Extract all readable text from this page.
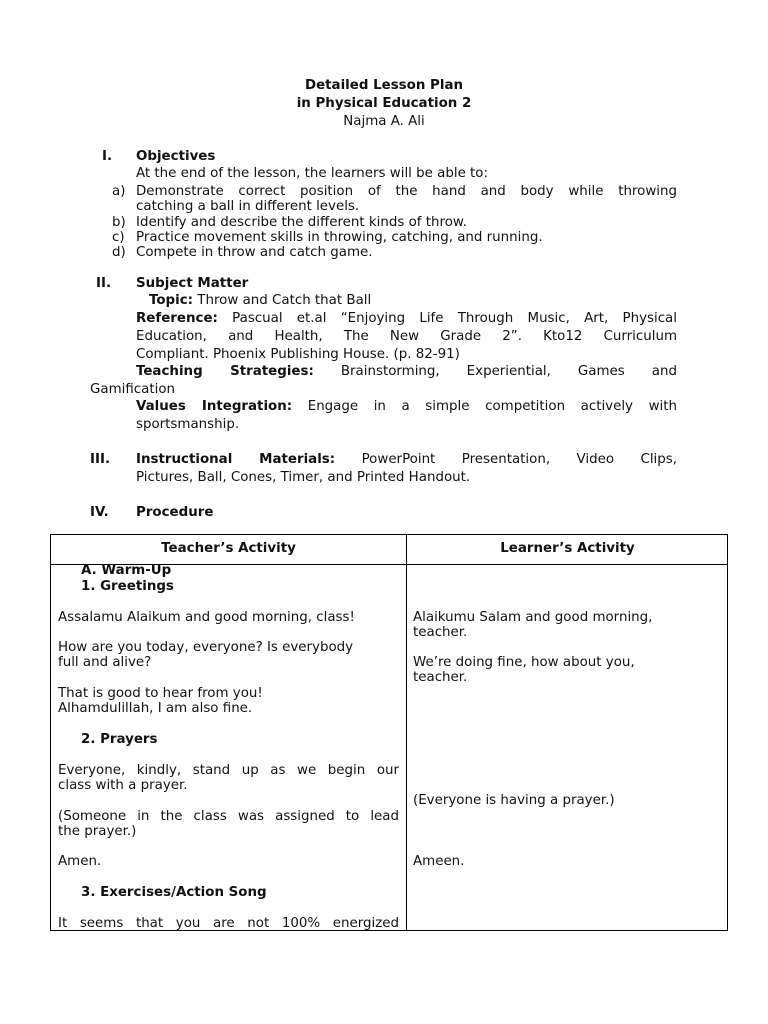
Detailed Lesson Plan
in Physical Education 2
Najma A. Ali
I. Objectives
At the end of the lesson, the learners will be able to:
a) Demonstrate correct position of the hand and body while throwing
catching a ball in different levels.
b) Identify and describe the different kinds of throw.
c) Practice movement skills in throwing, catching, and running.
d) Compete in throw and catch game.
II. Subject Matter
Topic: Throw and Catch that Ball
Reference: Pascual et.al “Enjoying Life Through Music, Art, Physical
Education, and Health, The New Grade 2”. Kto12 Curriculum
Compliant. Phoenix Publishing House. (p. 82-91)
Teaching Strategies: Brainstorming, Experiential, Games and
Gamification
Values Integration: Engage in a simple competition actively with
sportsmanship.
III. Instructional Materials: PowerPoint Presentation, Video Clips,
Pictures, Ball, Cones, Timer, and Printed Handout.
IV. Procedure
Teacher’s Activity	Learner’s Activity
A. Warm-Up
1. Greetings
Assalamu Alaikum and good morning, class!
How are you today, everyone? Is everybody
full and alive?
That is good to hear from you!
Alhamdulillah, I am also fine.
2. Prayers
Everyone, kindly, stand up as we begin our
class with a prayer.
(Someone in the class was assigned to lead
the prayer.)
Amen.
3. Exercises/Action Song
It seems that you are not 100% energized
Alaikumu Salam and good morning,
teacher.
We’re doing fine, how about you,
teacher.
(Everyone is having a prayer.)
Ameen.
